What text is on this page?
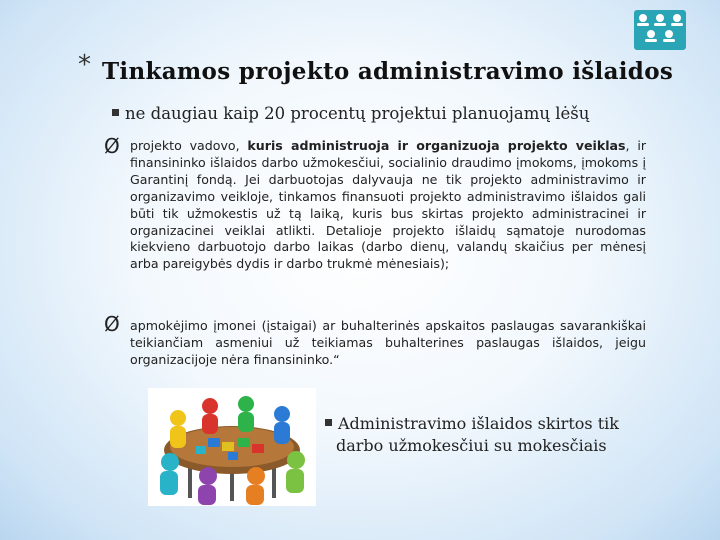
* Tinkamos projekto administravimo išlaidos
ne daugiau kaip 20 procentų projektui planuojamų lėšų
Ø projekto vadovo, kuris administruoja ir organizuoja projekto veiklas, ir finansininko išlaidos darbo užmokesčiui, socialinio draudimo įmokoms, įmokoms į Garantinį fondą. Jei darbuotojas dalyvauja ne tik projekto administravimo ir organizavimo veikloje, tinkamos finansuoti projekto administravimo išlaidos gali būti tik užmokestis už tą laiką, kuris bus skirtas projekto administracinei ir organizacinei veiklai atlikti. Detalioje projekto išlaidų sąmatoje nurodomas kiekvieno darbuotojo darbo laikas (darbo dienų, valandų skaičius per mėnesį arba pareigybės dydis ir darbo trukmė mėnesiais);
Ø apmokėjimo įmonei (įstaigai) ar buhalterinės apskaitos paslaugas savarankiškai teikiančiam asmeniui už teikiamas buhalterines paslaugas išlaidos, jeigu organizacijoje nėra finansininko.“
Administravimo išlaidos skirtos tik
darbo užmokesčiui su mokesčiais
